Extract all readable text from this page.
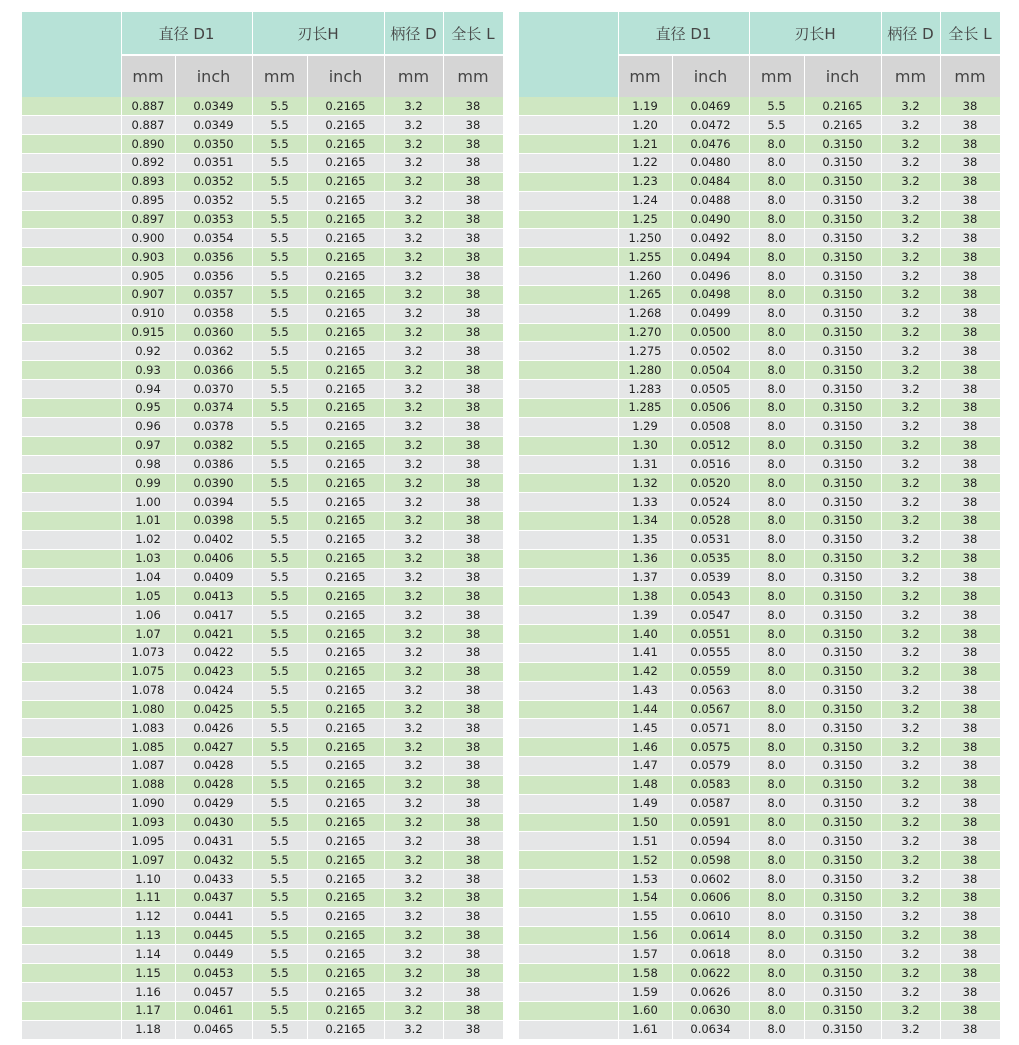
	直径 D1		刃长H		柄径 D	全长 L
	mm	inch	mm	inch	mm	mm
	0.887	0.0349	5.5	0.2165	3.2	38
	0.887	0.0349	5.5	0.2165	3.2	38
	0.890	0.0350	5.5	0.2165	3.2	38
	0.892	0.0351	5.5	0.2165	3.2	38
	0.893	0.0352	5.5	0.2165	3.2	38
	0.895	0.0352	5.5	0.2165	3.2	38
	0.897	0.0353	5.5	0.2165	3.2	38
	0.900	0.0354	5.5	0.2165	3.2	38
	0.903	0.0356	5.5	0.2165	3.2	38
	0.905	0.0356	5.5	0.2165	3.2	38
	0.907	0.0357	5.5	0.2165	3.2	38
	0.910	0.0358	5.5	0.2165	3.2	38
	0.915	0.0360	5.5	0.2165	3.2	38
	0.92	0.0362	5.5	0.2165	3.2	38
	0.93	0.0366	5.5	0.2165	3.2	38
	0.94	0.0370	5.5	0.2165	3.2	38
	0.95	0.0374	5.5	0.2165	3.2	38
	0.96	0.0378	5.5	0.2165	3.2	38
	0.97	0.0382	5.5	0.2165	3.2	38
	0.98	0.0386	5.5	0.2165	3.2	38
	0.99	0.0390	5.5	0.2165	3.2	38
	1.00	0.0394	5.5	0.2165	3.2	38
	1.01	0.0398	5.5	0.2165	3.2	38
	1.02	0.0402	5.5	0.2165	3.2	38
	1.03	0.0406	5.5	0.2165	3.2	38
	1.04	0.0409	5.5	0.2165	3.2	38
	1.05	0.0413	5.5	0.2165	3.2	38
	1.06	0.0417	5.5	0.2165	3.2	38
	1.07	0.0421	5.5	0.2165	3.2	38
	1.073	0.0422	5.5	0.2165	3.2	38
	1.075	0.0423	5.5	0.2165	3.2	38
	1.078	0.0424	5.5	0.2165	3.2	38
	1.080	0.0425	5.5	0.2165	3.2	38
	1.083	0.0426	5.5	0.2165	3.2	38
	1.085	0.0427	5.5	0.2165	3.2	38
	1.087	0.0428	5.5	0.2165	3.2	38
	1.088	0.0428	5.5	0.2165	3.2	38
	1.090	0.0429	5.5	0.2165	3.2	38
	1.093	0.0430	5.5	0.2165	3.2	38
	1.095	0.0431	5.5	0.2165	3.2	38
	1.097	0.0432	5.5	0.2165	3.2	38
	1.10	0.0433	5.5	0.2165	3.2	38
	1.11	0.0437	5.5	0.2165	3.2	38
	1.12	0.0441	5.5	0.2165	3.2	38
	1.13	0.0445	5.5	0.2165	3.2	38
	1.14	0.0449	5.5	0.2165	3.2	38
	1.15	0.0453	5.5	0.2165	3.2	38
	1.16	0.0457	5.5	0.2165	3.2	38
	1.17	0.0461	5.5	0.2165	3.2	38
	1.18	0.0465	5.5	0.2165	3.2	38
	直径 D1		刃长H		柄径 D	全长 L
	mm	inch	mm	inch	mm	mm
	1.19	0.0469	5.5	0.2165	3.2	38
	1.20	0.0472	5.5	0.2165	3.2	38
	1.21	0.0476	8.0	0.3150	3.2	38
	1.22	0.0480	8.0	0.3150	3.2	38
	1.23	0.0484	8.0	0.3150	3.2	38
	1.24	0.0488	8.0	0.3150	3.2	38
	1.25	0.0490	8.0	0.3150	3.2	38
	1.250	0.0492	8.0	0.3150	3.2	38
	1.255	0.0494	8.0	0.3150	3.2	38
	1.260	0.0496	8.0	0.3150	3.2	38
	1.265	0.0498	8.0	0.3150	3.2	38
	1.268	0.0499	8.0	0.3150	3.2	38
	1.270	0.0500	8.0	0.3150	3.2	38
	1.275	0.0502	8.0	0.3150	3.2	38
	1.280	0.0504	8.0	0.3150	3.2	38
	1.283	0.0505	8.0	0.3150	3.2	38
	1.285	0.0506	8.0	0.3150	3.2	38
	1.29	0.0508	8.0	0.3150	3.2	38
	1.30	0.0512	8.0	0.3150	3.2	38
	1.31	0.0516	8.0	0.3150	3.2	38
	1.32	0.0520	8.0	0.3150	3.2	38
	1.33	0.0524	8.0	0.3150	3.2	38
	1.34	0.0528	8.0	0.3150	3.2	38
	1.35	0.0531	8.0	0.3150	3.2	38
	1.36	0.0535	8.0	0.3150	3.2	38
	1.37	0.0539	8.0	0.3150	3.2	38
	1.38	0.0543	8.0	0.3150	3.2	38
	1.39	0.0547	8.0	0.3150	3.2	38
	1.40	0.0551	8.0	0.3150	3.2	38
	1.41	0.0555	8.0	0.3150	3.2	38
	1.42	0.0559	8.0	0.3150	3.2	38
	1.43	0.0563	8.0	0.3150	3.2	38
	1.44	0.0567	8.0	0.3150	3.2	38
	1.45	0.0571	8.0	0.3150	3.2	38
	1.46	0.0575	8.0	0.3150	3.2	38
	1.47	0.0579	8.0	0.3150	3.2	38
	1.48	0.0583	8.0	0.3150	3.2	38
	1.49	0.0587	8.0	0.3150	3.2	38
	1.50	0.0591	8.0	0.3150	3.2	38
	1.51	0.0594	8.0	0.3150	3.2	38
	1.52	0.0598	8.0	0.3150	3.2	38
	1.53	0.0602	8.0	0.3150	3.2	38
	1.54	0.0606	8.0	0.3150	3.2	38
	1.55	0.0610	8.0	0.3150	3.2	38
	1.56	0.0614	8.0	0.3150	3.2	38
	1.57	0.0618	8.0	0.3150	3.2	38
	1.58	0.0622	8.0	0.3150	3.2	38
	1.59	0.0626	8.0	0.3150	3.2	38
	1.60	0.0630	8.0	0.3150	3.2	38
	1.61	0.0634	8.0	0.3150	3.2	38
